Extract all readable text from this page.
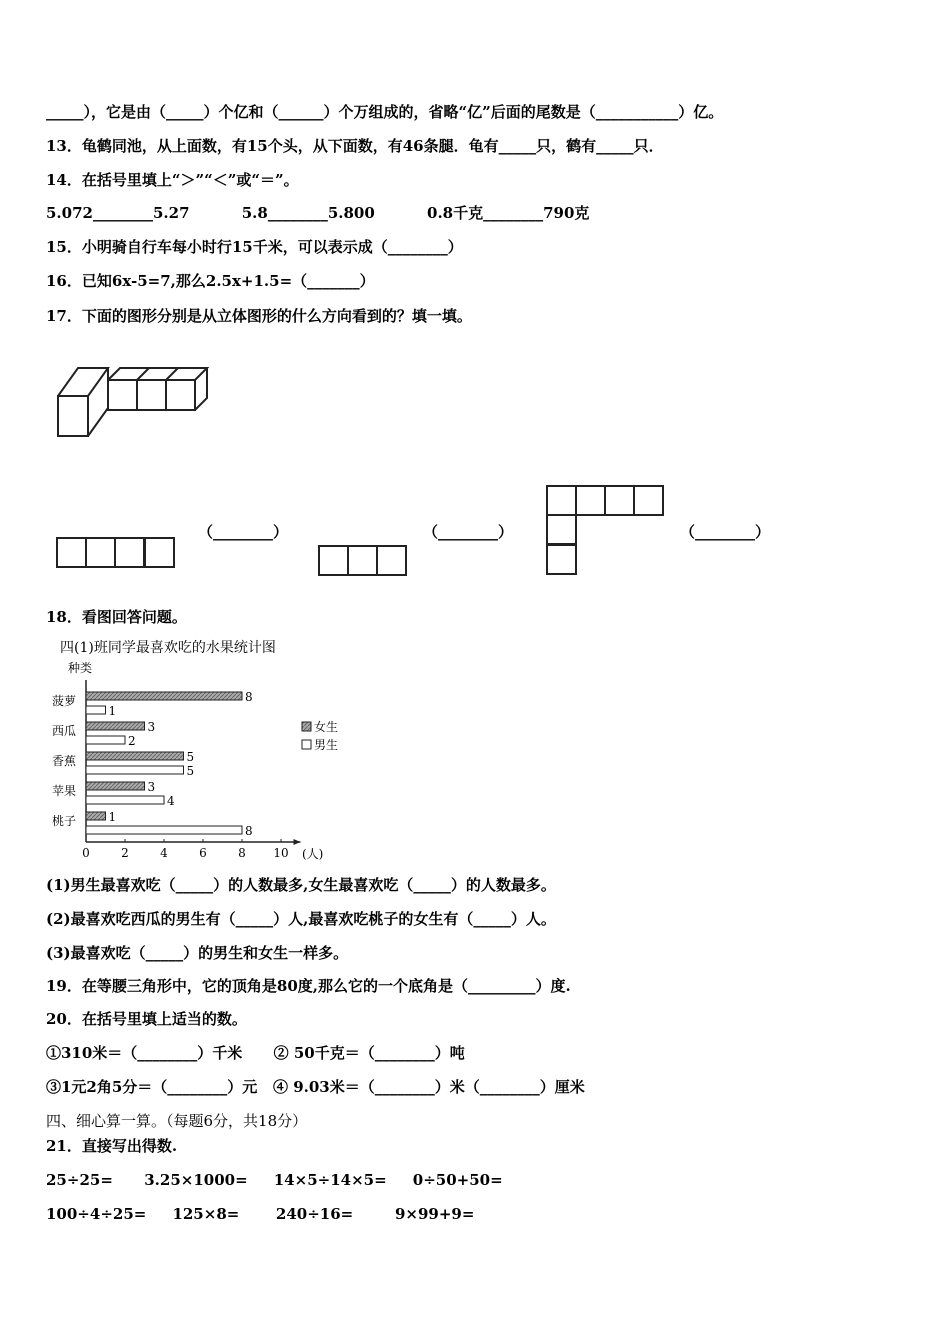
_____），它是由（_____）个亿和（______）个万组成的，省略“亿”后面的尾数是（___________）亿。
13．龟鹤同池，从上面数，有15个头，从下面数，有46条腿．龟有_____只，鹤有_____只．
14．在括号里填上“＞”“＜”或“＝”。
5.072________5.27          5.8________5.800          0.8千克________790克
15．小明骑自行车每小时行15千米，可以表示成（________）
16．已知6x-5=7,那么2.5x+1.5=（_______）
17．下面的图形分别是从立体图形的什么方向看到的？填一填。
（________）	（________）	（________）
18．看图回答问题。
四(1)班同学最喜欢吃的水果统计图
种类
(人)
0	2	4	6	8 10
菠萝	8
1
西瓜	3
2
香蕉	5
5
苹果	3
4
桃子	1
8
女生
男生
(1)男生最喜欢吃（_____）的人数最多,女生最喜欢吃（_____）的人数最多。
(2)最喜欢吃西瓜的男生有（_____）人,最喜欢吃桃子的女生有（_____）人。
(3)最喜欢吃（_____）的男生和女生一样多。
19．在等腰三角形中，它的顶角是80度,那么它的一个底角是（_________）度.
20．在括号里填上适当的数。
①310米＝（________）千米      ② 50千克＝（________）吨
③1元2角5分＝（________）元   ④ 9.03米＝（________）米（________）厘米
四、细心算一算。（每题6分，共18分）
21．直接写出得数.
25÷25=      3.25×1000=     14×5÷14×5=     0÷50+50=
100÷4÷25=     125×8=       240÷16=        9×99+9=
